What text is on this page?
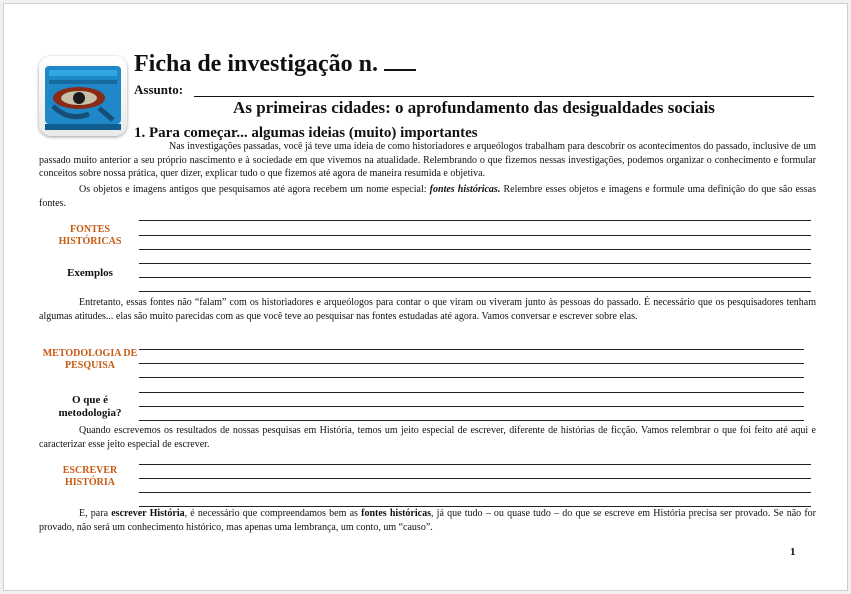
Ficha de investigação n.
Assunto:
As primeiras cidades: o aprofundamento das desigualdades sociais
1. Para começar... algumas ideias (muito) importantes

Nas investigações passadas, você já teve uma ideia de como historiadores e arqueólogos trabalham para descobrir os acontecimentos do passado, inclusive de um passado muito anterior a seu próprio nascimento e à sociedade em que vivemos na atualidade. Relembrando o que fizemos nessas investigações, podemos organizar o conhecimento e formular conceitos sobre nossa prática, quer dizer, explicar tudo o que fizemos até agora de maneira resumida e objetiva.

Os objetos e imagens antigos que pesquisamos até agora recebem um nome especial: fontes históricas. Relembre esses objetos e imagens e formule uma definição do que são essas fontes.

FONTES HISTÓRICAS
Exemplos

Entretanto, essas fontes não “falam” com os historiadores e arqueólogos para contar o que viram ou viveram junto às pessoas do passado. É necessário que os pesquisadores tenham algumas atitudes... elas são muito parecidas com as que você teve ao pesquisar nas fontes estudadas até agora. Vamos conversar e escrever sobre elas.

METODOLOGIA DE PESQUISA
O que é metodologia?

Quando escrevemos os resultados de nossas pesquisas em História, temos um jeito especial de escrever, diferente de histórias de ficção. Vamos relembrar o que foi feito até aqui e caracterizar esse jeito especial de escrever.

ESCREVER HISTÓRIA

E, para escrever História, é necessário que compreendamos bem as fontes históricas, já que tudo – ou quase tudo – do que se escreve em História precisa ser provado. Se não for provado, não será um conhecimento histórico, mas apenas uma lembrança, um conto, um “causo”.

1
